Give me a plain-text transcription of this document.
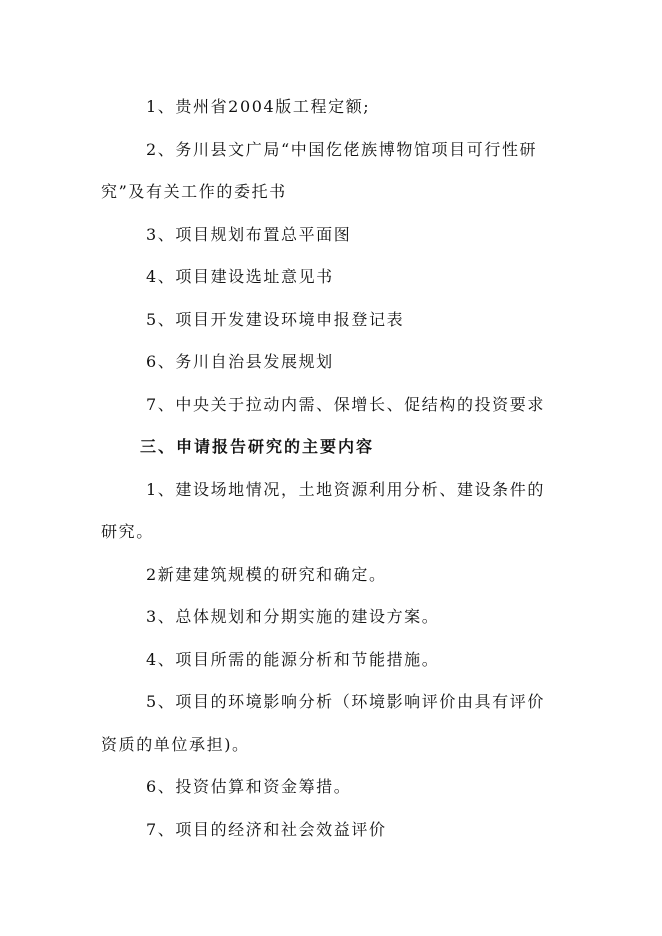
1、贵州省2004版工程定额;
2、务川县文广局“中国仡佬族博物馆项目可行性研
究”及有关工作的委托书
3、项目规划布置总平面图
4、项目建设选址意见书
5、项目开发建设环境申报登记表
6、务川自治县发展规划
7、中央关于拉动内需、保增长、促结构的投资要求
三、申请报告研究的主要内容
1、建设场地情况，土地资源利用分析、建设条件的
研究。
2新建建筑规模的研究和确定。
3、总体规划和分期实施的建设方案。
4、项目所需的能源分析和节能措施。
5、项目的环境影响分析（环境影响评价由具有评价
资质的单位承担)。
6、投资估算和资金筹措。
7、项目的经济和社会效益评价
